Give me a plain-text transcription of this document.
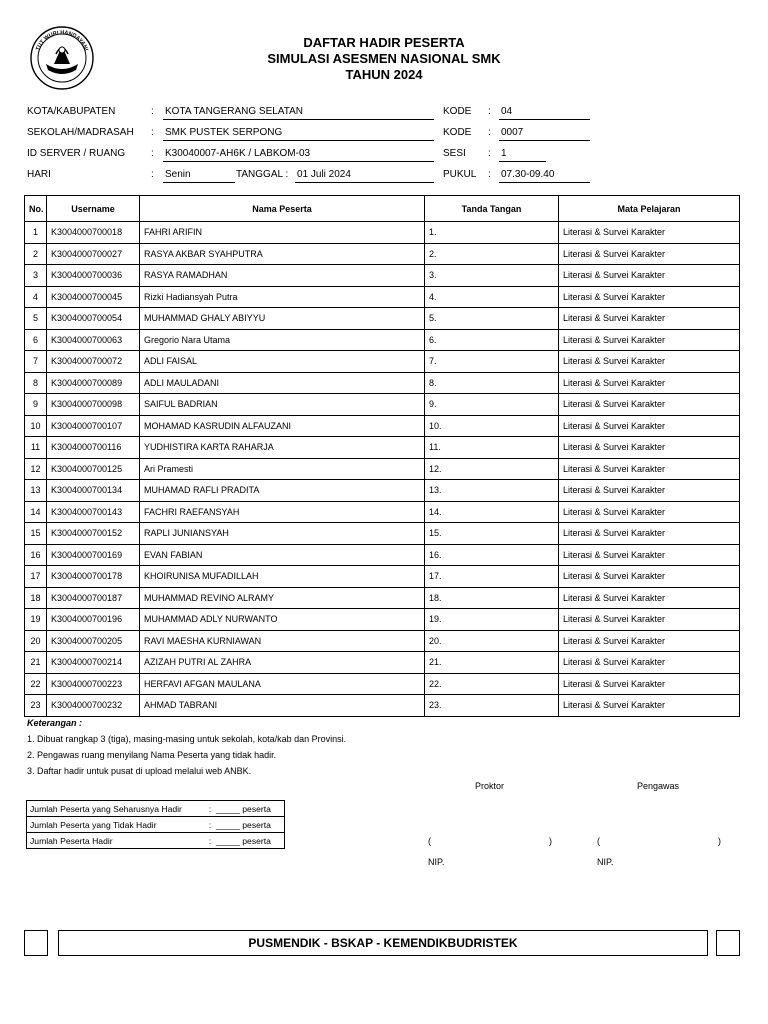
TUT WURI HANDAYANI	DAFTAR HADIR PESERTA
SIMULASI ASESMEN NASIONAL SMK
TAHUN 2024
KOTA/KABUPATEN	: KOTA TANGERANG SELATAN	KODE : 04
SEKOLAH/MADRASAH : SMK PUSTEK SERPONG	KODE : 0007
ID SERVER / RUANG	: K30040007-AH6K / LABKOM-03	SESI : 1
HARI	: Senin	TANGGAL : 01 Juli 2024	PUKUL : 07.30-09.40
No.	Username	Nama Peserta	Tanda Tangan	Mata Pelajaran
1	K3004000700018	FAHRI ARIFIN	1.	Literasi & Survei Karakter
2	K3004000700027	RASYA AKBAR SYAHPUTRA	2.	Literasi & Survei Karakter
3	K3004000700036	RASYA RAMADHAN	3.	Literasi & Survei Karakter
4	K3004000700045	Rizki Hadiansyah Putra	4.	Literasi & Survei Karakter
5	K3004000700054	MUHAMMAD GHALY ABIYYU	5.	Literasi & Survei Karakter
6	K3004000700063	Gregorio Nara Utama	6.	Literasi & Survei Karakter
7	K3004000700072	ADLI FAISAL	7.	Literasi & Survei Karakter
8	K3004000700089	ADLI MAULADANI	8.	Literasi & Survei Karakter
9	K3004000700098	SAIFUL BADRIAN	9.	Literasi & Survei Karakter
10	K3004000700107	MOHAMAD KASRUDIN ALFAUZANI	10.	Literasi & Survei Karakter
11	K3004000700116	YUDHISTIRA KARTA RAHARJA	11.	Literasi & Survei Karakter
12	K3004000700125	Ari Pramesti	12.	Literasi & Survei Karakter
13	K3004000700134	MUHAMAD RAFLI PRADITA	13.	Literasi & Survei Karakter
14	K3004000700143	FACHRI RAEFANSYAH	14.	Literasi & Survei Karakter
15	K3004000700152	RAPLI JUNIANSYAH	15.	Literasi & Survei Karakter
16	K3004000700169	EVAN FABIAN	16.	Literasi & Survei Karakter
17	K3004000700178	KHOIRUNISA MUFADILLAH	17.	Literasi & Survei Karakter
18	K3004000700187	MUHAMMAD REVINO ALRAMY	18.	Literasi & Survei Karakter
19	K3004000700196	MUHAMMAD ADLY NURWANTO	19.	Literasi & Survei Karakter
20	K3004000700205	RAVI MAESHA KURNIAWAN	20.	Literasi & Survei Karakter
21	K3004000700214	AZIZAH PUTRI AL ZAHRA	21.	Literasi & Survei Karakter
22	K3004000700223	HERFAVI AFGAN MAULANA	22.	Literasi & Survei Karakter
23	K3004000700232	AHMAD TABRANI	23.	Literasi & Survei Karakter
Keterangan :
1. Dibuat rangkap 3 (tiga), masing-masing untuk sekolah, kota/kab dan Provinsi.
2. Pengawas ruang menyilang Nama Peserta yang tidak hadir.
3. Daftar hadir untuk pusat di upload melalui web ANBK.
Proktor	Pengawas
(	)	(	)
NIP.	NIP.
Jumlah Peserta yang Seharusnya Hadir	: _____ peserta
Jumlah Peserta yang Tidak Hadir	: _____ peserta
Jumlah Peserta Hadir	: _____ peserta
PUSMENDIK - BSKAP - KEMENDIKBUDRISTEK
